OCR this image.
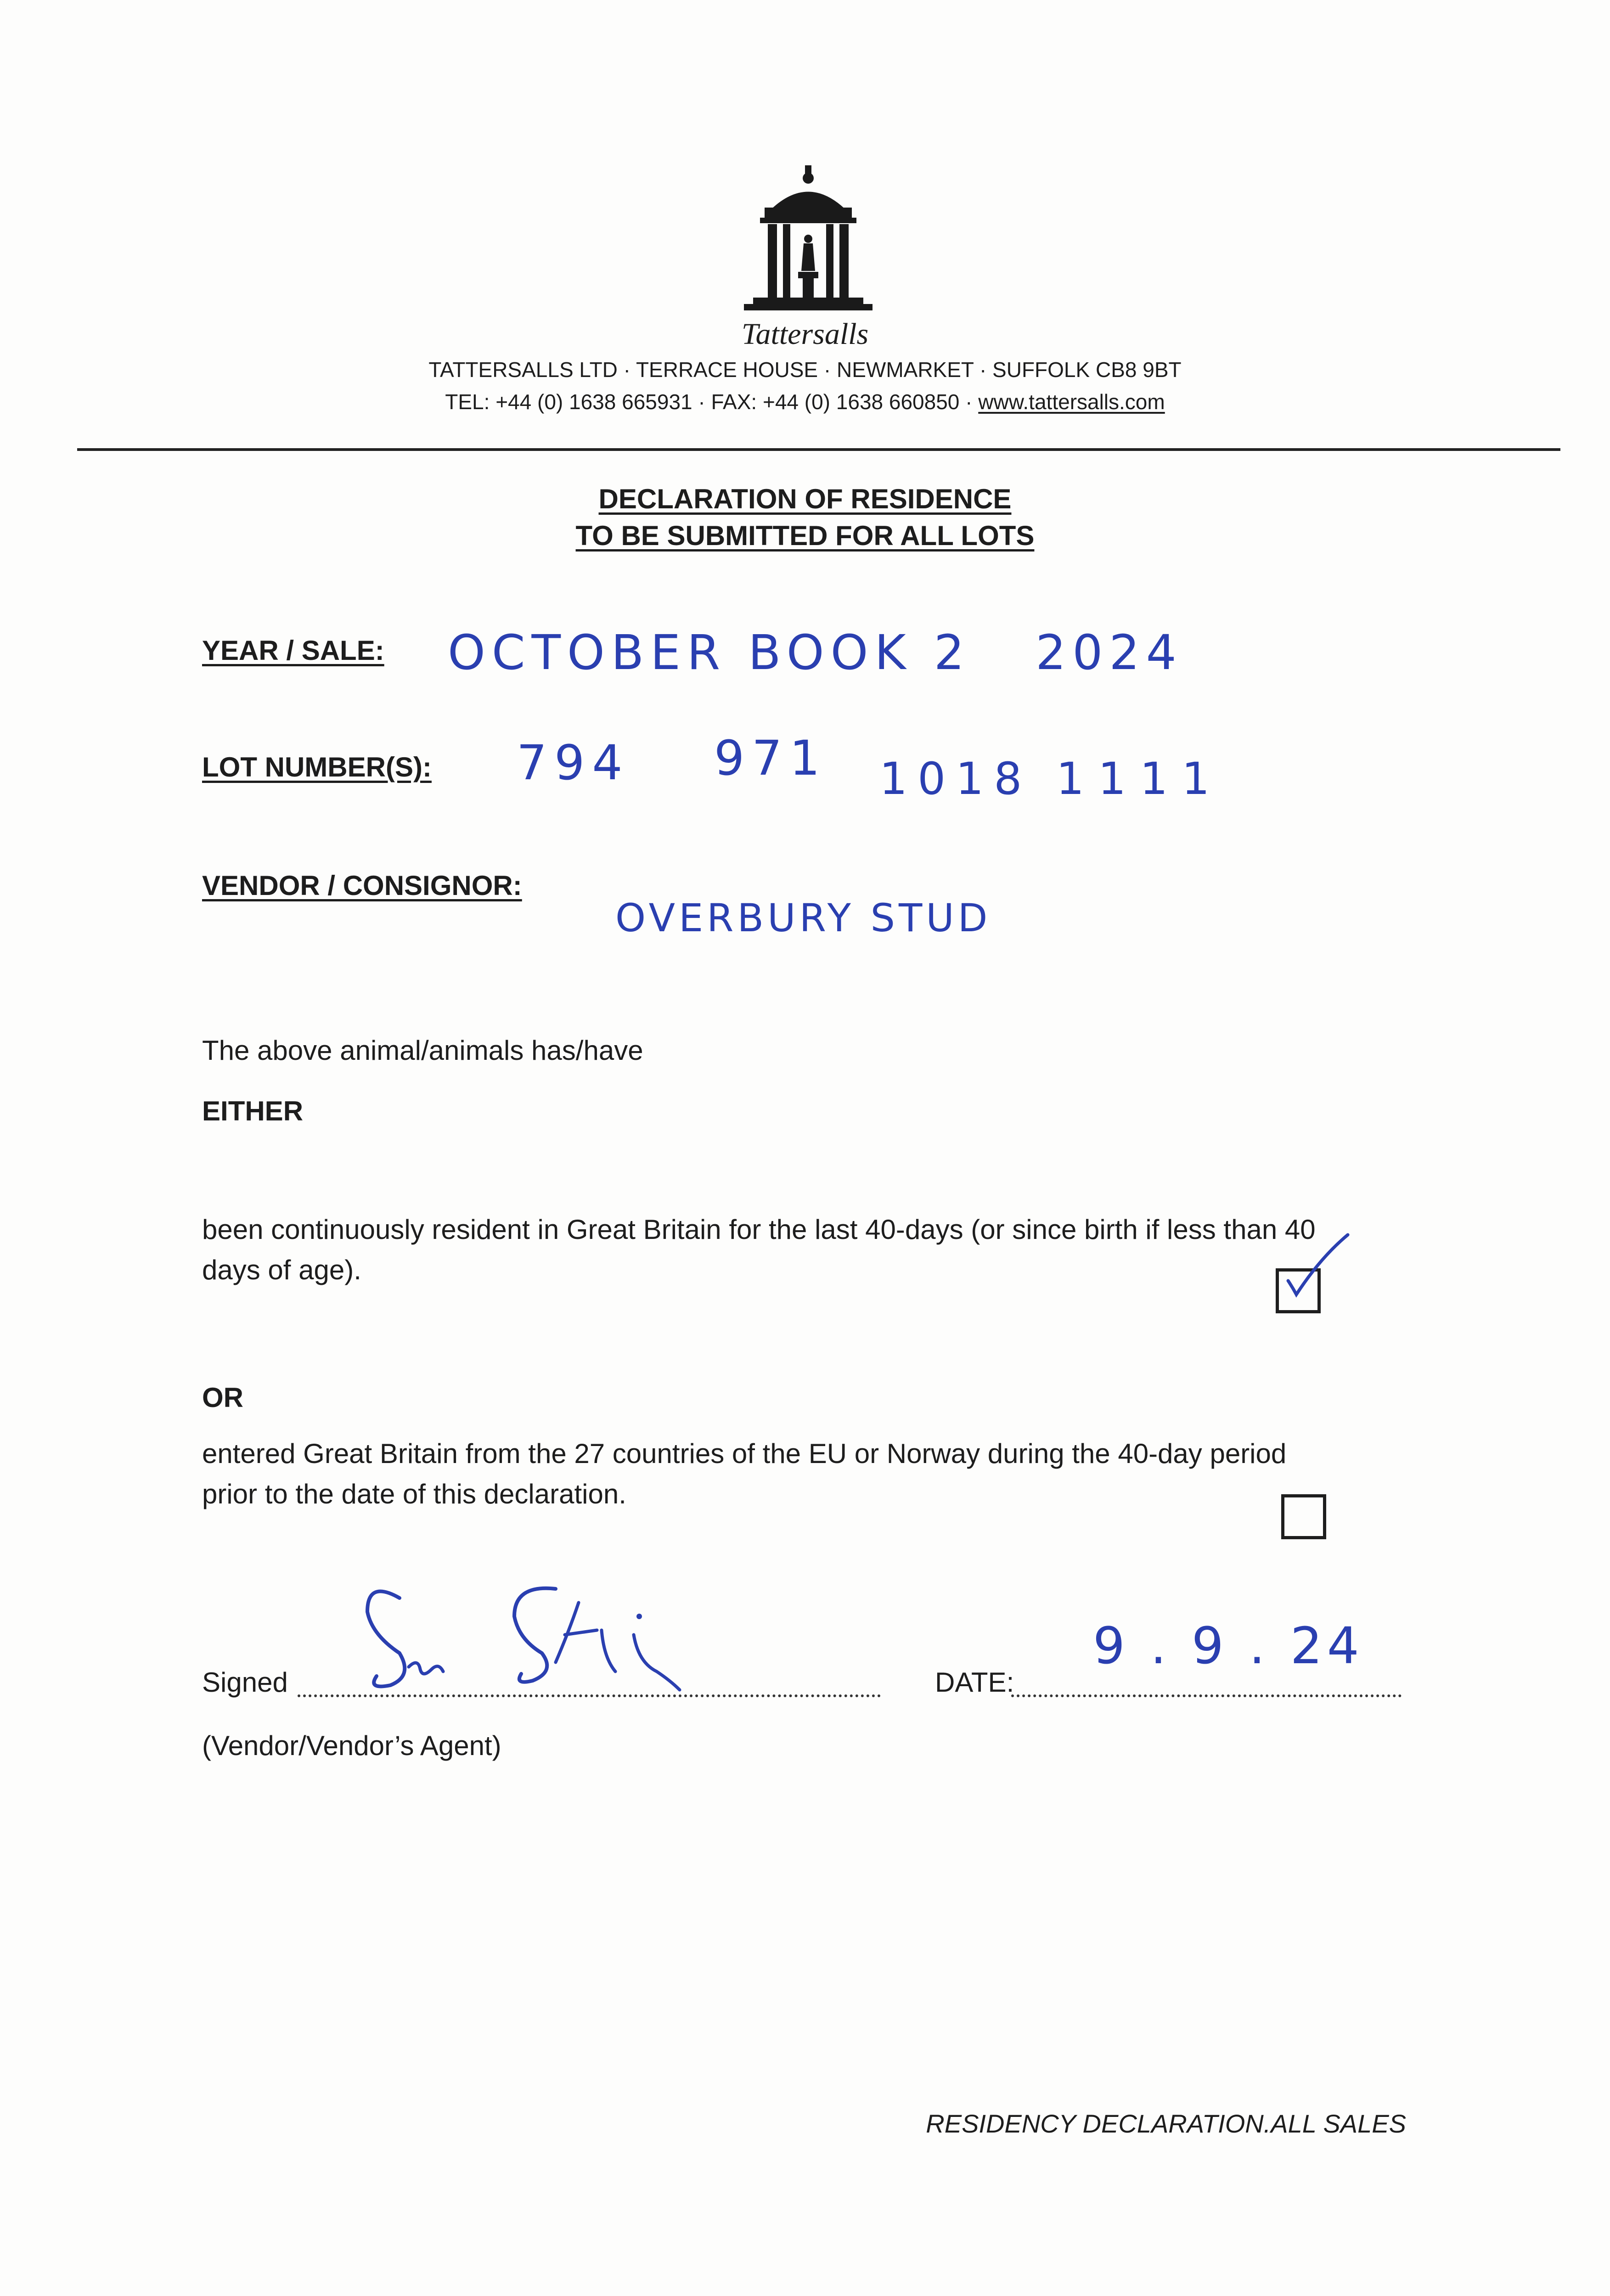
Tattersalls
TATTERSALLS LTD · TERRACE HOUSE · NEWMARKET · SUFFOLK CB8 9BT
TEL: +44 (0) 1638 665931 · FAX: +44 (0) 1638 660850 · www.tattersalls.com
DECLARATION OF RESIDENCE
TO BE SUBMITTED FOR ALL LOTS
YEAR / SALE: OCTOBER BOOK 2   2024
LOT NUMBER(S): 794 971 1018 1111
VENDOR / CONSIGNOR:
OVERBURY STUD
The above animal/animals has/have
EITHER
been continuously resident in Great Britain for the last 40-days (or since birth if less than 40
days of age).
OR
entered Great Britain from the 27 countries of the EU or Norway during the 40-day period
prior to the date of this declaration.
Signed	DATE:
9 . 9 . 24
(Vendor/Vendor’s Agent)
RESIDENCY DECLARATION.ALL SALES
